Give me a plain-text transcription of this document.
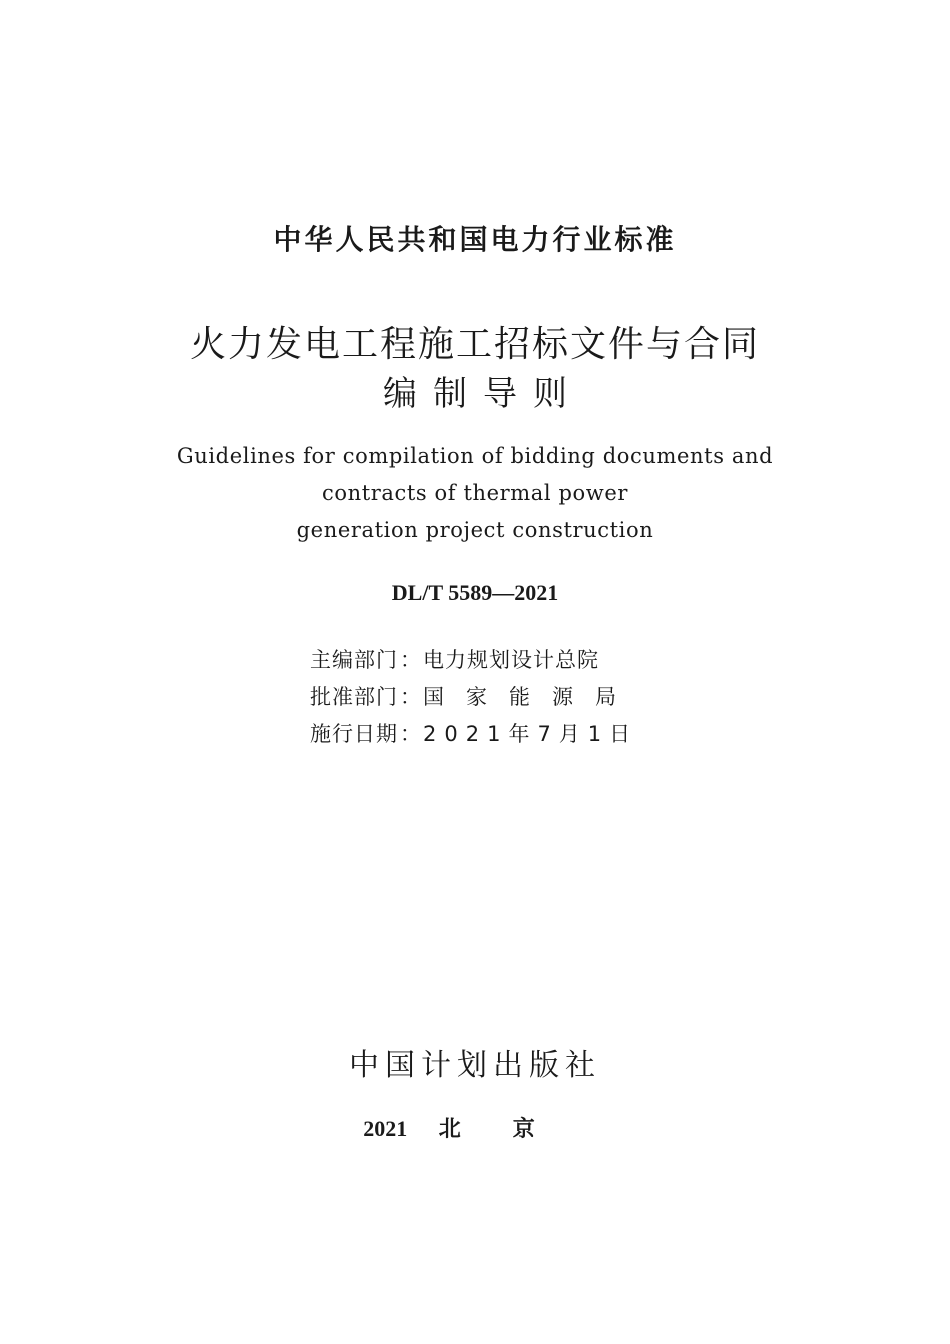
中华人民共和国电力行业标准
火力发电工程施工招标文件与合同
编制导则
Guidelines for compilation of bidding documents and
contracts of thermal power
generation project construction
DL/T 5589—2021
主编部门 ： 电力规划设计总院
批准部门 ： 国家能源局
施行日期 ： 2021年7月1日
中国计划出版社
2021 北京
